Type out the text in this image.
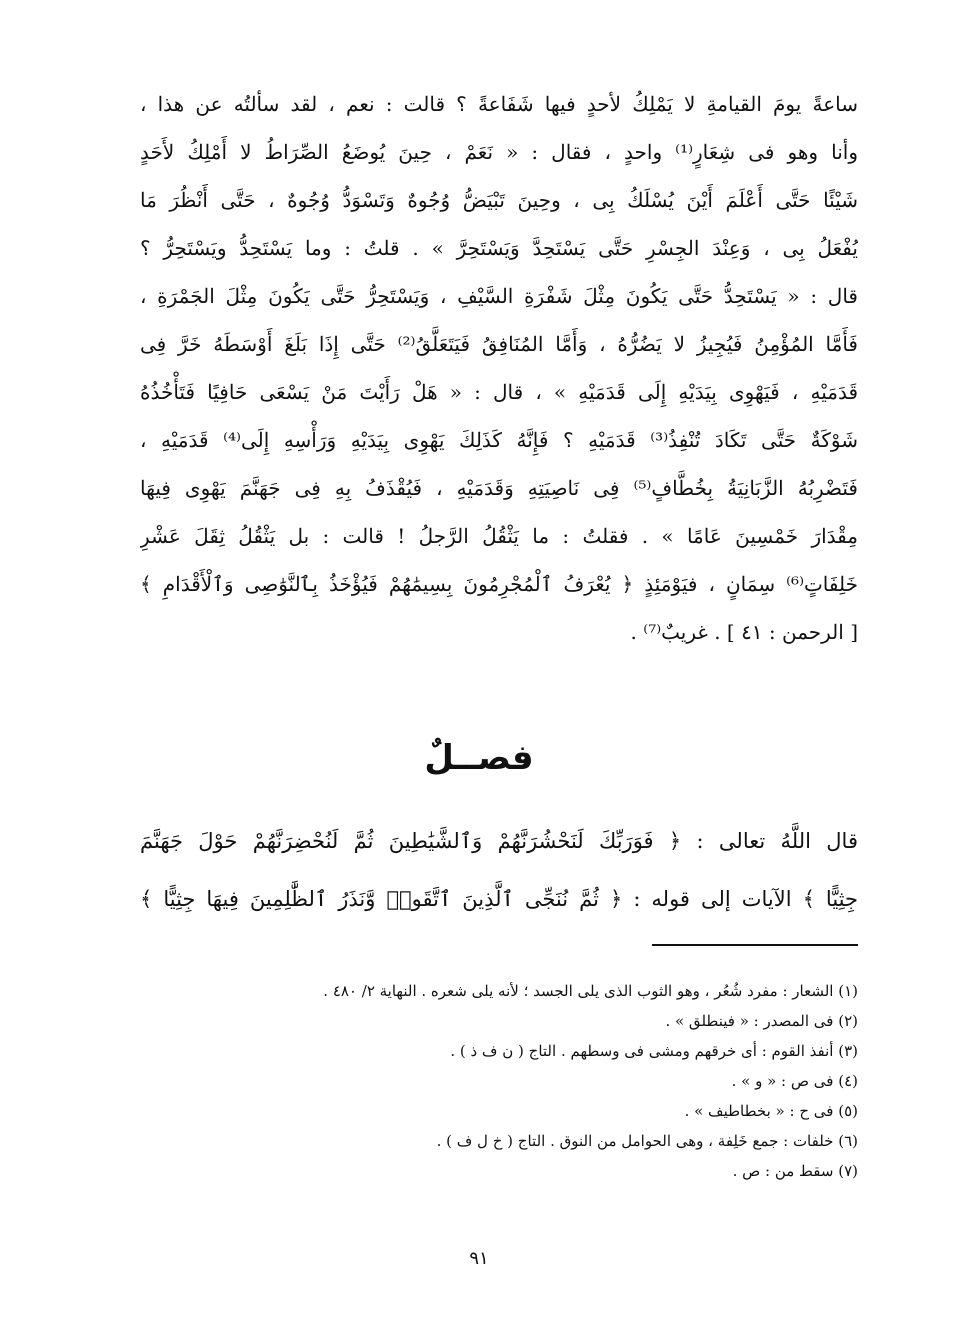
ساعةً يومَ القيامةِ لا يَمْلِكُ لأحدٍ فيها شَفَاعةً ؟ قالت : نعم ، لقد سألتُه عن هذا ،
وأنا وهو فى شِعَارٍ⁽¹⁾ واحدٍ ، فقال : « نَعَمْ ، حِينَ يُوضَعُ الصِّرَاطُ لا أَمْلِكُ لأَحَدٍ
شَيْئًا حَتَّى أَعْلَمَ أَيْنَ يُسْلَكُ بِى ، وحِينَ تَبْيَضُّ وُجُوهٌ وَتَسْوَدُّ وُجُوهٌ ، حَتَّى أَنْظُرَ مَا
يُفْعَلُ بِى ، وَعِنْدَ الجِسْرِ حَتَّى يَسْتَحِدَّ وَيَسْتَحِرَّ » . قلتُ : وما يَسْتَحِدُّ ويَسْتَحِرُّ ؟
قال : « يَسْتَحِدُّ حَتَّى يَكُونَ مِثْلَ شَفْرَةِ السَّيْفِ ، وَيَسْتَحِرُّ حَتَّى يَكُونَ مِثْلَ الجَمْرَةِ ،
فَأَمَّا المُؤْمِنُ فَيُجِيزُ لا يَضُرُّهُ ، وَأَمَّا المُنَافِقُ فَيَتَعَلَّقُ⁽²⁾ حَتَّى إِذَا بَلَغَ أَوْسَطَهُ خَرَّ فِى
قَدَمَيْهِ ، فَيَهْوِى بِيَدَيْهِ إِلَى قَدَمَيْهِ » ، قال : « هَلْ رَأَيْتَ مَنْ يَسْعَى حَافِيًا فَتَأْخُذُهُ
شَوْكَةٌ حَتَّى تَكَادَ تُنْفِذُ⁽³⁾ قَدَمَيْهِ ؟ فَإِنَّهُ كَذَلِكَ يَهْوِى بِيَدَيْهِ وَرَأْسِهِ إِلَى⁽⁴⁾ قَدَمَيْهِ ،
فَتَضْرِبُهُ الزَّبَانِيَةُ بِخُطَّافٍ⁽⁵⁾ فِى نَاصِيَتِهِ وَقَدَمَيْهِ ، فَيُقْذَفُ بِهِ فِى جَهَنَّمَ يَهْوِى فِيهَا
مِقْدَارَ خَمْسِينَ عَامًا » . فقلتُ : ما يَثْقُلُ الرَّجلُ ! قالت : بل يَثْقُلُ ثِقَلَ عَشْرِ
خَلِفَاتٍ⁽⁶⁾ سِمَانٍ ، فيَوْمَئِذٍ ﴿ يُعْرَفُ ٱلْمُجْرِمُونَ بِسِيمَٰهُمْ فَيُؤْخَذُ بِٱلنَّوَٰصِى وَٱلْأَقْدَامِ ﴾
[ الرحمن : ٤١ ] . غريبٌ⁽⁷⁾ .
فصــلٌ
قال اللَّهُ تعالى : ﴿ فَوَرَبِّكَ لَنَحْشُرَنَّهُمْ وَٱلشَّيَٰطِينَ ثُمَّ لَنُحْضِرَنَّهُمْ حَوْلَ جَهَنَّمَ
جِثِيًّا ﴾ الآيات إلى قوله : ﴿ ثُمَّ نُنَجِّى ٱلَّذِينَ ٱتَّقَوا۟ وَّنَذَرُ ٱلظَّٰلِمِينَ فِيهَا جِثِيًّا ﴾
(١) الشعار : مفرد شُعُر ، وهو الثوب الذى يلى الجسد ؛ لأنه يلى شعره . النهاية ٢/ ٤٨٠ .
(٢) فى المصدر : « فينطلق » .
(٣) أنفذ القوم : أى خرقهم ومشى فى وسطهم . التاج ( ن ف ذ ) .
(٤) فى ص : « و » .
(٥) فى ح : « بخطاطيف » .
(٦) خلفات : جمع خَلِفة ، وهى الحوامل من النوق . التاج ( خ ل ف ) .
(٧) سقط من : ص .
٩١
